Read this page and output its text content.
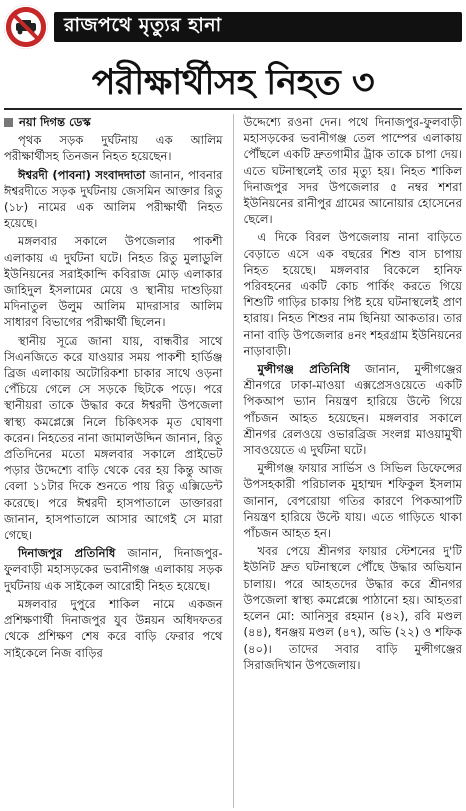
রাজপথে মৃত্যুর হানা
পরীক্ষার্থীসহ নিহত ৩
নয়া দিগন্ত ডেস্ক

পৃথক সড়ক দুর্ঘটনায় এক আলিম পরীক্ষার্থীসহ তিনজন নিহত হয়েছেন।

ঈশ্বরদী (পাবনা) সংবাদদাতা জানান, পাবনার ঈশ্বরদীতে সড়ক দুর্ঘটনায় জেসমিন আক্তার রিতু (১৮) নামের এক আলিম পরীক্ষার্থী নিহত হয়েছে।

মঙ্গলবার সকালে উপজেলার পাকশী এলাকায় এ দুর্ঘটনা ঘটে। নিহত রিতু মুলাডুলি ইউনিয়নের সরাইকান্দি কবিরাজ মোড় এলাকার জাহিদুল ইসলামের মেয়ে ও স্থানীয় দাশুড়িয়া মদিনাতুল উলুম আলিম মাদরাসার আলিম সাধারণ বিভাগের পরীক্ষার্থী ছিলেন।

স্থানীয় সূত্রে জানা যায়, বান্ধবীর সাথে সিএনজিতে করে যাওয়ার সময় পাকশী হার্ডিঞ্জ ব্রিজ এলাকায় অটোরিকশা চাকার সাথে ওড়না পেঁচিয়ে গেলে সে সড়কে ছিটকে পড়ে। পরে স্থানীয়রা তাকে উদ্ধার করে ঈশ্বরদী উপজেলা স্বাস্থ্য কমপ্লেক্সে নিলে চিকিৎসক মৃত ঘোষণা করেন। নিহতের নানা জামালউদ্দিন জানান, রিতু প্রতিদিনের মতো মঙ্গলবার সকালে প্রাইভেট পড়ার উদ্দেশ্যে বাড়ি থেকে বের হয় কিন্তু আজ বেলা ১১টার দিকে শুনতে পায় রিতু এক্সিডেন্ট করেছে। পরে ঈশ্বরদী হাসপাতালে ডাক্তাররা জানান, হাসপাতালে আসার আগেই সে মারা গেছে।

দিনাজপুর প্রতিনিধি জানান, দিনাজপুর-ফুলবাড়ী মহাসড়কের ভবানীগঞ্জ এলাকায় সড়ক দুর্ঘটনায় এক সাইকেল আরোহী নিহত হয়েছে।

মঙ্গলবার দুপুরে শাকিল নামে একজন প্রশিক্ষণার্থী দিনাজপুর যুব উন্নয়ন অধিদফতর থেকে প্রশিক্ষণ শেষ করে বাড়ি ফেরার পথে সাইকেলে নিজ বাড়ির

উদ্দেশ্যে রওনা দেন। পথে দিনাজপুর-ফুলবাড়ী মহাসড়কের ভবানীগঞ্জ তেল পাম্পের এলাকায় পৌঁছলে একটি দ্রুতগামীর ট্রাক তাকে চাপা দেয়। এতে ঘটনাস্থলেই তার মৃত্যু হয়। নিহত শাকিল দিনাজপুর সদর উপজেলার ৫ নম্বর শশরা ইউনিয়নের রানীপুর গ্রামের আনোয়ার হোসেনের ছেলে।

এ দিকে বিরল উপজেলায় নানা বাড়িতে বেড়াতে এসে এক বছরের শিশু বাস চাপায় নিহত হয়েছে। মঙ্গলবার বিকেলে হানিফ পরিবহনের একটি কোচ পার্কিং করতে গিয়ে শিশুটি গাড়ির চাকায় পিষ্ট হয়ে ঘটনাস্থলেই প্রাণ হারায়। নিহত শিশুর নাম ছিনিয়া আকতার। তার নানা বাড়ি উপজেলার ৪নং শহরগ্রাম ইউনিয়নের নাড়াবাড়ী।

মুন্সীগঞ্জ প্রতিনিধি জানান, মুন্সীগঞ্জের শ্রীনগরে ঢাকা-মাওয়া এক্সপ্রেসওয়েতে একটি পিকআপ ভ্যান নিয়ন্ত্রণ হারিয়ে উল্টে গিয়ে পাঁচজন আহত হয়েছেন। মঙ্গলবার সকালে শ্রীনগর রেলওয়ে ওভারব্রিজ সংলগ্ন মাওয়ামুখী সাবওয়েতে এ দুর্ঘটনা ঘটে।

মুন্সীগঞ্জ ফায়ার সার্ভিস ও সিভিল ডিফেন্সের উপসহকারী পরিচালক মুহাম্মদ শফিকুল ইসলাম জানান, বেপরোয়া গতির কারণে পিকআপটি নিয়ন্ত্রণ হারিয়ে উল্টে যায়। এতে গাড়িতে থাকা পাঁচজন আহত হন।

খবর পেয়ে শ্রীনগর ফায়ার স্টেশনের দু'টি ইউনিট দ্রুত ঘটনাস্থলে পৌঁছে উদ্ধার অভিযান চালায়। পরে আহতদের উদ্ধার করে শ্রীনগর উপজেলা স্বাস্থ্য কমপ্লেক্সে পাঠানো হয়। আহতরা হলেন মো: আনিসুর রহমান (৪২), রবি মণ্ডল (৪৪), ধনঞ্জয় মণ্ডল (৪৭), অভি (২২) ও শফিক (৪০)। তাদের সবার বাড়ি মুন্সীগঞ্জের সিরাজদিখান উপজেলায়।
